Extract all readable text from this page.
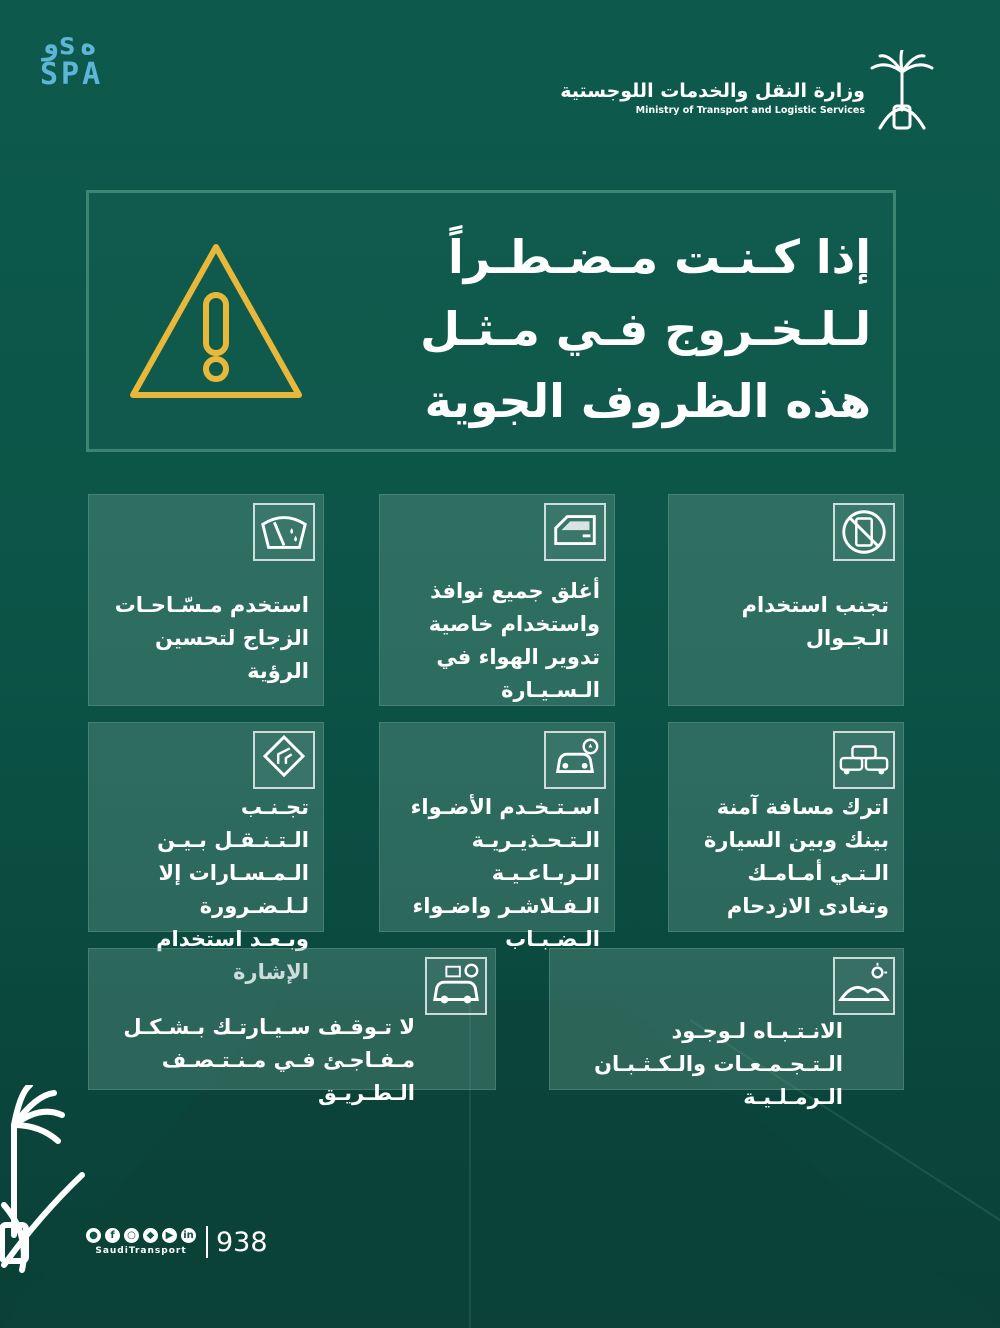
وsه
SPA	وزارة النقل والخدمات اللوجستية
Ministry of Transport and Logistic Services
إذا كـنـت مـضـطـراً
لـلـخـروج فـي مـثـل
هذه الظروف الجوية
تجنب استخدام الـجـوال
أغلق جميع نوافذ واستخدام خاصية تدوير الهواء في الـسـيـارة
استخدم مـسّـاحـات الزجاج لتحسين الرؤية
اترك مسافة آمنة بينك وبين السيارة الـتـي أمـامـك وتغادى الازدحام
اسـتـخـدم الأضـواء الـتـحـذيـريـة الـربـاعـيـة الـفـلاشـر واضـواء الـضـبـاب
تجـنـب الـتـنـقـل بـيـن الـمـسـارات إلا لـلـضـرورة وبـعـد استخدام الإشارة
الانـتـبـاه لـوجـود الـتـجـمـعـات والـكـثـبـان الـرمـلـيـة
لا تـوقـف سـيـارتـك بـشـكـل مـفـاجـئ فـي مـنـتـصـف الـطـريـق
●	f	○	◆	▶ in
SaudiTransport 938
